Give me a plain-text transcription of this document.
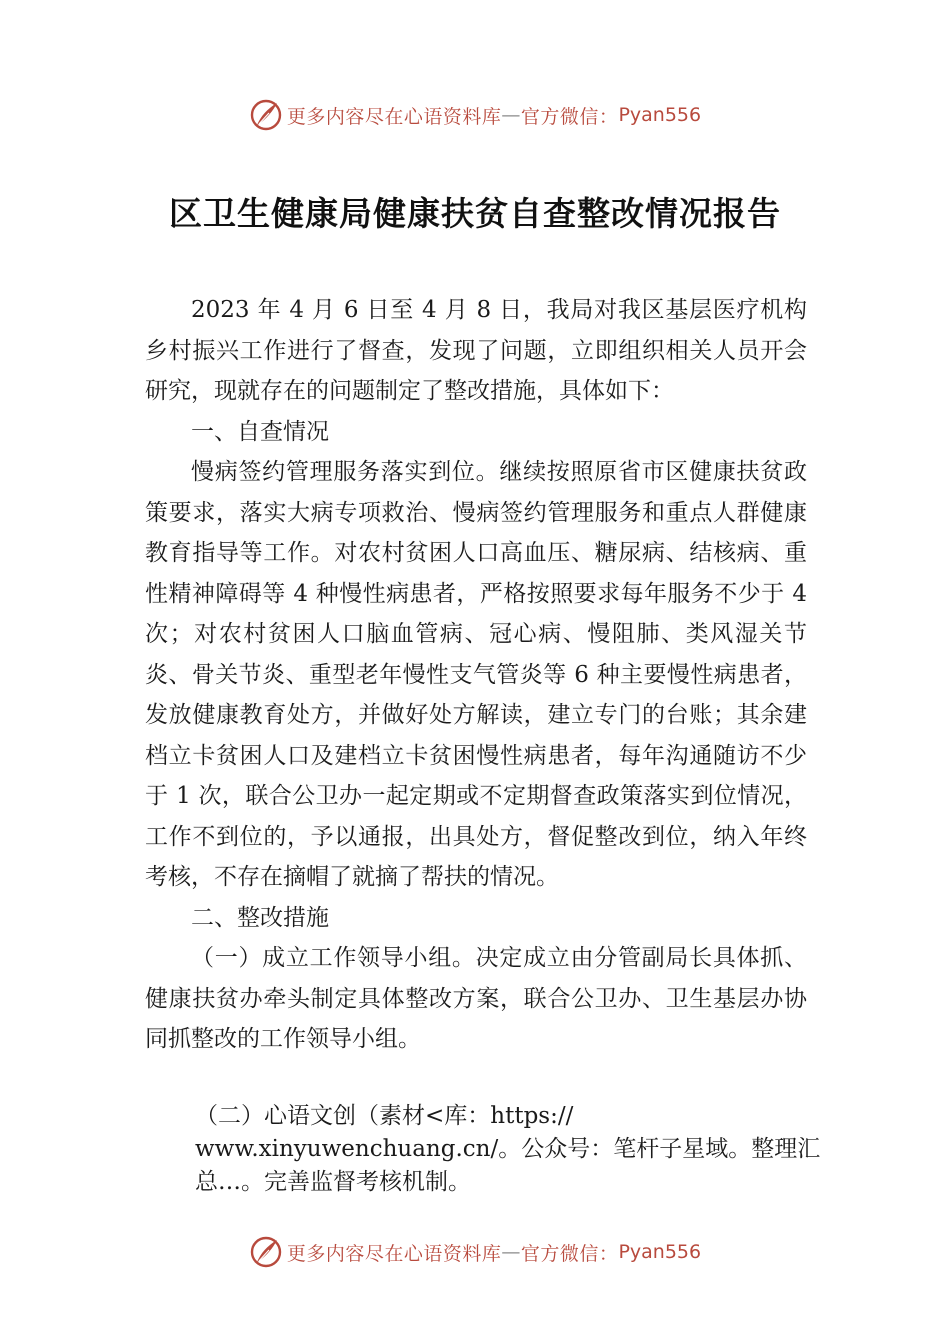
更多内容尽在心语资料库 — 官方微信： Pyan556
区卫生健康局健康扶贫自查整改情况报告

2023 年 4 月 6 日至 4 月 8 日，我局对我区基层医疗机构乡村振兴工作进行了督查，发现了问题，立即组织相关人员开会研究，现就存在的问题制定了整改措施，具体如下：

一、自查情况

慢病签约管理服务落实到位。继续按照原省市区健康扶贫政策要求，落实大病专项救治、慢病签约管理服务和重点人群健康教育指导等工作。对农村贫困人口高血压、糖尿病、结核病、重性精神障碍等 4 种慢性病患者，严格按照要求每年服务不少于 4 次；对农村贫困人口脑血管病、冠心病、慢阻肺、类风湿关节炎、骨关节炎、重型老年慢性支气管炎等 6 种主要慢性病患者，发放健康教育处方，并做好处方解读，建立专门的台账；其余建档立卡贫困人口及建档立卡贫困慢性病患者，每年沟通随访不少于 1 次，联合公卫办一起定期或不定期督查政策落实到位情况，工作不到位的，予以通报，出具处方，督促整改到位，纳入年终考核，不存在摘帽了就摘了帮扶的情况。

二、整改措施

（一）成立工作领导小组。决定成立由分管副局长具体抓、健康扶贫办牵头制定具体整改方案，联合公卫办、卫生基层办协同抓整改的工作领导小组。

（二）心语文创（素材<库：https://

www.xinyuwenchuang.cn/。公众号：笔杆子星域。整理汇

总…。完善监督考核机制。

更多内容尽在心语资料库 — 官方微信： Pyan556
